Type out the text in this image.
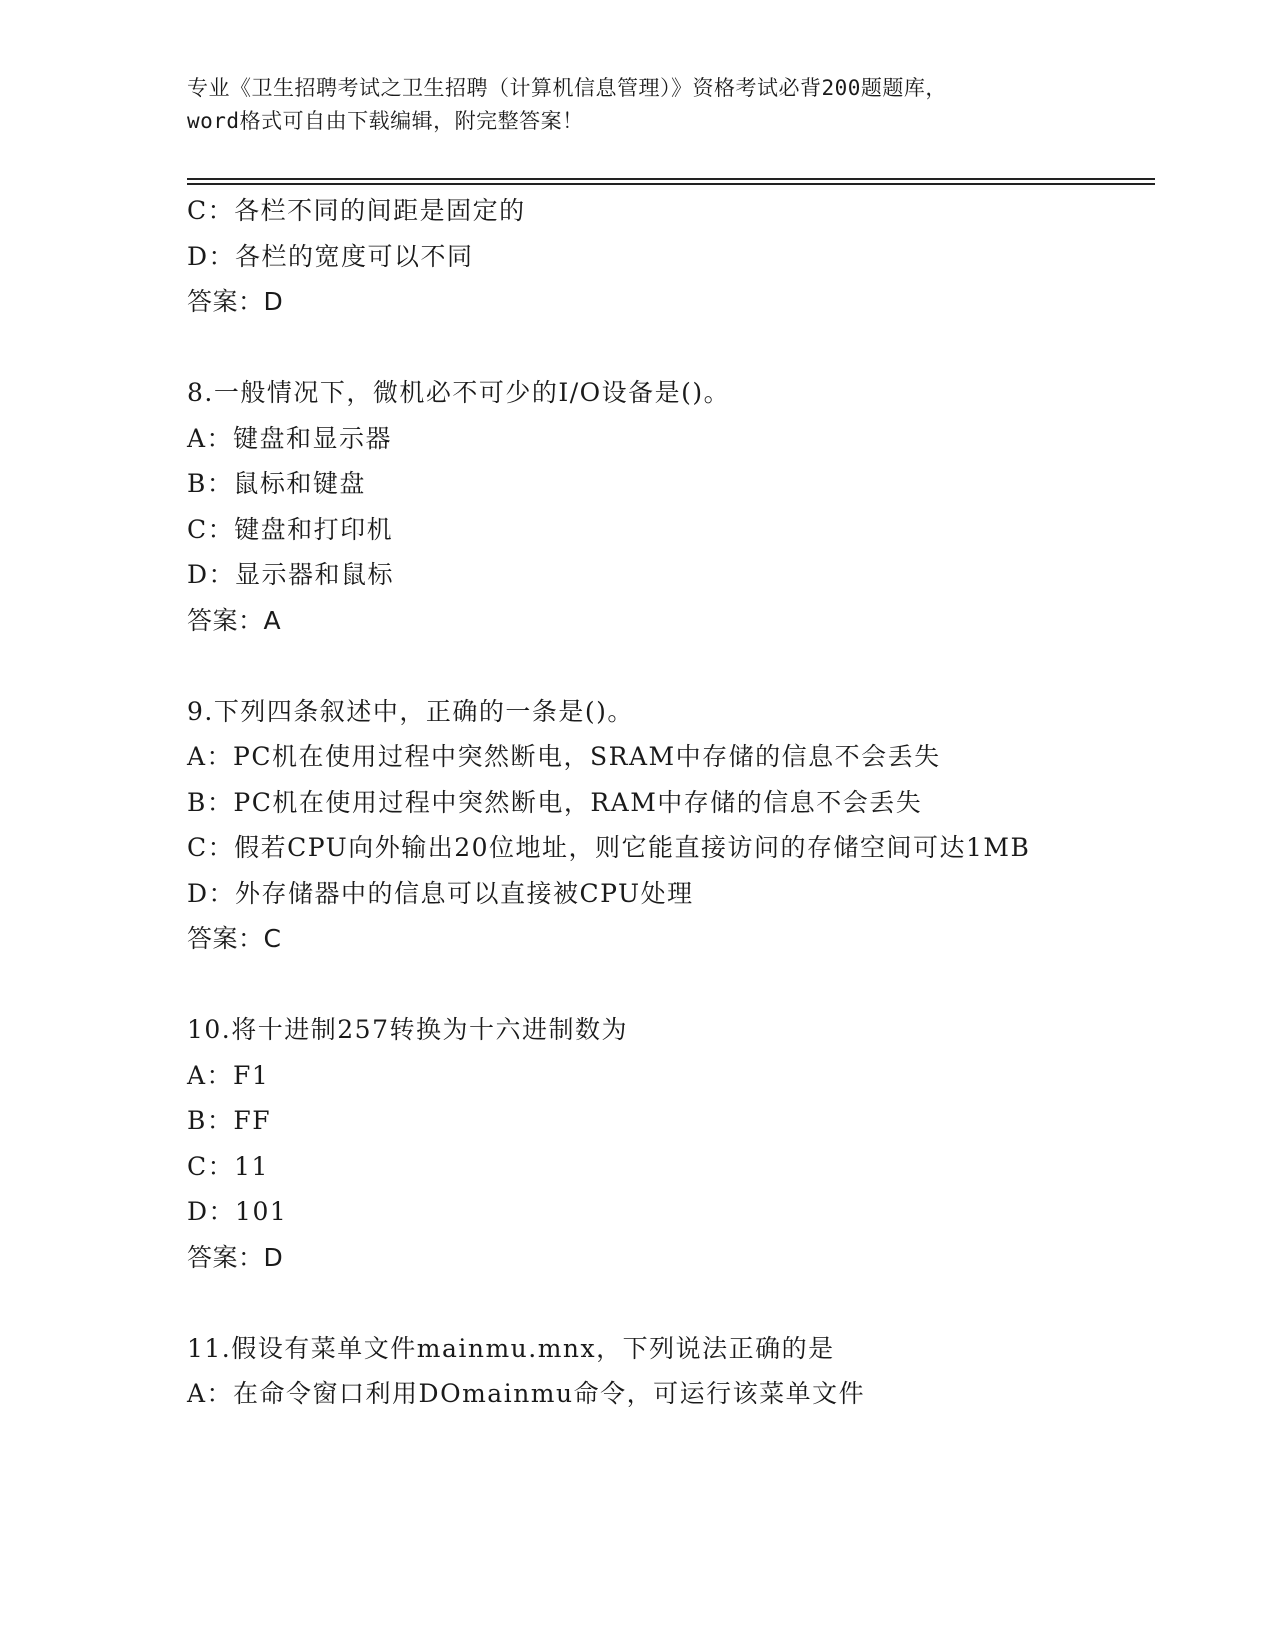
专业《卫生招聘考试之卫生招聘（计算机信息管理）》资格考试必背200题题库，
word格式可自由下载编辑，附完整答案！
C：各栏不同的间距是固定的
D：各栏的宽度可以不同
答案：D
8.一般情况下，微机必不可少的I/O设备是()。
A：键盘和显示器
B：鼠标和键盘
C：键盘和打印机
D：显示器和鼠标
答案：A
9.下列四条叙述中，正确的一条是()。
A：PC机在使用过程中突然断电，SRAM中存储的信息不会丢失
B：PC机在使用过程中突然断电，RAM中存储的信息不会丢失
C：假若CPU向外输出20位地址，则它能直接访问的存储空间可达1MB
D：外存储器中的信息可以直接被CPU处理
答案：C
10.将十进制257转换为十六进制数为
A：F1
B：FF
C：11
D：101
答案：D
11.假设有菜单文件mainmu.mnx，下列说法正确的是
A：在命令窗口利用DOmainmu命令，可运行该菜单文件
